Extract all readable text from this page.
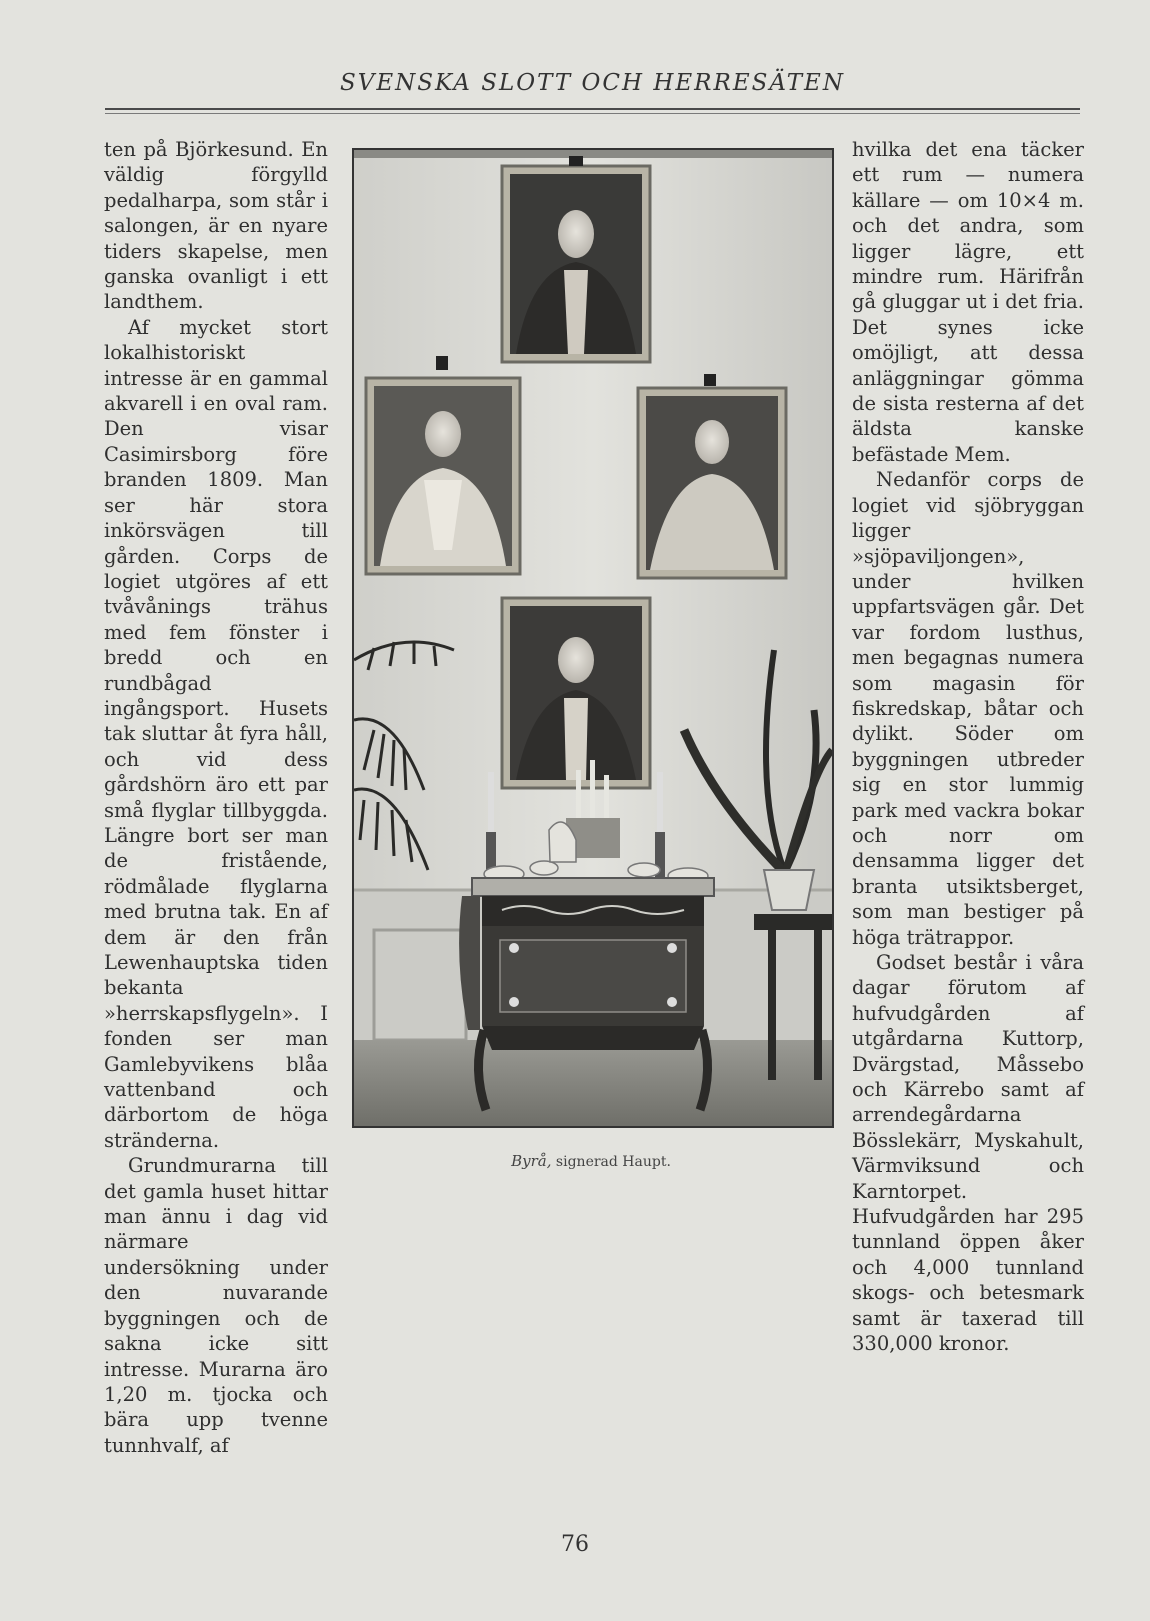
SVENSKA SLOTT OCH HERRESÄTEN

ten på Björkesund. En väldig förgylld pedalharpa, som står i salongen, är en nyare tiders skapelse, men ganska ovanligt i ett landthem.

Af mycket stort lokalhistoriskt intresse är en gammal akvarell i en oval ram. Den visar Casimirsborg före branden 1809. Man ser här stora inkörsvägen till gården. Corps de logiet utgöres af ett tvåvånings trähus med fem fönster i bredd och en rundbågad ingångsport. Husets tak sluttar åt fyra håll, och vid dess gårdshörn äro ett par små flyglar tillbyggda. Längre bort ser man de fristående, rödmålade flyglarna med brutna tak. En af dem är den från Lewenhauptska tiden bekanta »herrskapsflygeln». I fonden ser man Gamlebyvikens blåa vattenband och därbortom de höga stränderna.

Grundmurarna till det gamla huset hittar man ännu i dag vid närmare undersökning under den nuvarande byggningen och de sakna icke sitt intresse. Murarna äro 1,20 m. tjocka och bära upp tvenne tunnhvalf, af

Byrå, signerad Haupt.

hvilka det ena täcker ett rum — numera källare — om 10×4 m. och det andra, som ligger lägre, ett mindre rum. Härifrån gå gluggar ut i det fria. Det synes icke omöjligt, att dessa anläggningar gömma de sista resterna af det äldsta kanske befästade Mem.

Nedanför corps de logiet vid sjöbryggan ligger »sjöpaviljongen», under hvilken uppfartsvägen går. Det var fordom lusthus, men begagnas numera som magasin för fiskredskap, båtar och dylikt. Söder om byggningen utbreder sig en stor lummig park med vackra bokar och norr om densamma ligger det branta utsiktsberget, som man bestiger på höga trätrappor.

Godset består i våra dagar förutom af hufvudgården af utgårdarna Kuttorp, Dvärgstad, Måssebo och Kärrebo samt af arrendegårdarna Bösslekärr, Myskahult, Värmviksund och Karntorpet. Hufvudgården har 295 tunnland öppen åker och 4,000 tunnland skogs- och betesmark samt är taxerad till 330,000 kronor.

76
